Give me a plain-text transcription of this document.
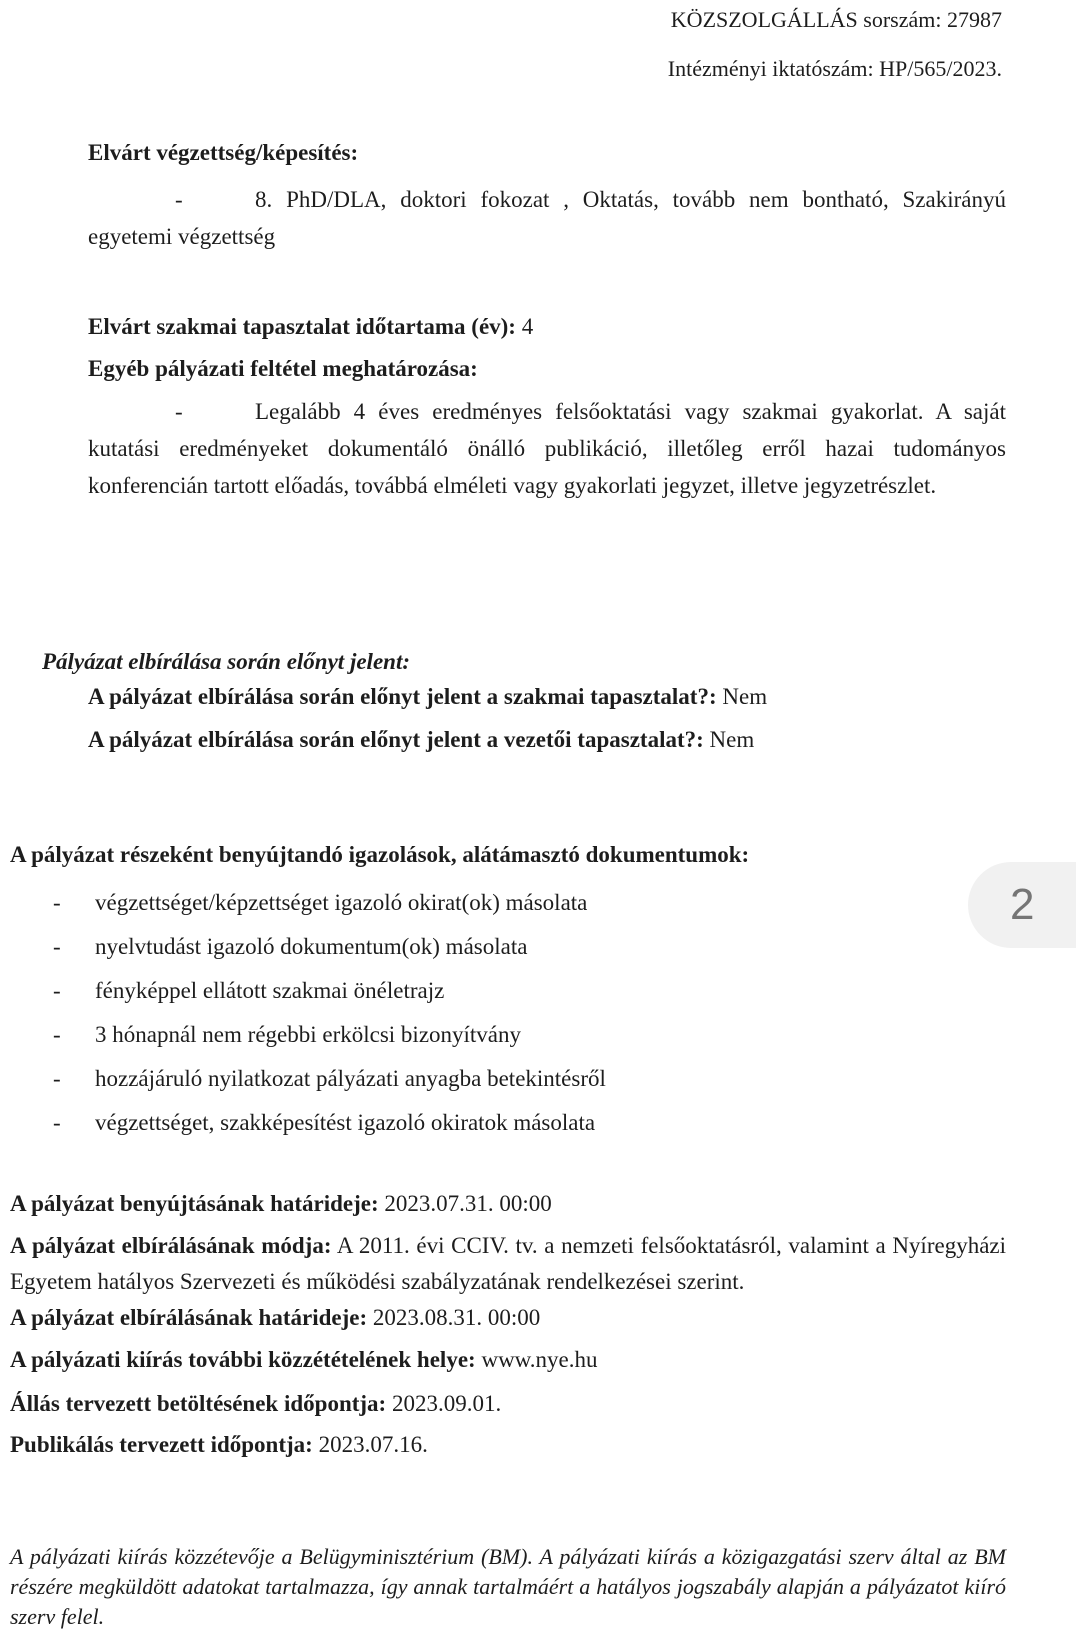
KÖZSZOLGÁLLÁS sorszám: 27987

Intézményi iktatószám: HP/565/2023.

Elvárt végzettség/képesítés:

-	8. PhD/DLA, doktori fokozat , Oktatás, tovább nem bontható, Szakirányú egyetemi végzettség

Elvárt szakmai tapasztalat időtartama (év): 4

Egyéb pályázati feltétel meghatározása:

-	Legalább 4 éves eredményes felsőoktatási vagy szakmai gyakorlat. A saját kutatási eredményeket dokumentáló önálló publikáció, illetőleg erről hazai tudományos konferencián tartott előadás, továbbá elméleti vagy gyakorlati jegyzet, illetve jegyzetrészlet.

Pályázat elbírálása során előnyt jelent:

A pályázat elbírálása során előnyt jelent a szakmai tapasztalat?: Nem

A pályázat elbírálása során előnyt jelent a vezetői tapasztalat?: Nem

A pályázat részeként benyújtandó igazolások, alátámasztó dokumentumok:

- végzettséget/képzettséget igazoló okirat(ok) másolata

- nyelvtudást igazoló dokumentum(ok) másolata

- fényképpel ellátott szakmai önéletrajz

- 3 hónapnál nem régebbi erkölcsi bizonyítvány

- hozzájáruló nyilatkozat pályázati anyagba betekintésről

- végzettséget, szakképesítést igazoló okiratok másolata

A pályázat benyújtásának határideje: 2023.07.31. 00:00

A pályázat elbírálásának módja: A 2011. évi CCIV. tv. a nemzeti felsőoktatásról, valamint a Nyíregyházi Egyetem hatályos Szervezeti és működési szabályzatának rendelkezései szerint.

A pályázat elbírálásának határideje: 2023.08.31. 00:00

A pályázati kiírás további közzétételének helye: www.nye.hu

Állás tervezett betöltésének időpontja: 2023.09.01.

Publikálás tervezett időpontja: 2023.07.16.

A pályázati kiírás közzétevője a Belügyminisztérium (BM). A pályázati kiírás a közigazgatási szerv által az BM részére megküldött adatokat tartalmazza, így annak tartalmáért a hatályos jogszabály alapján a pályázatot kiíró szerv felel.

2
